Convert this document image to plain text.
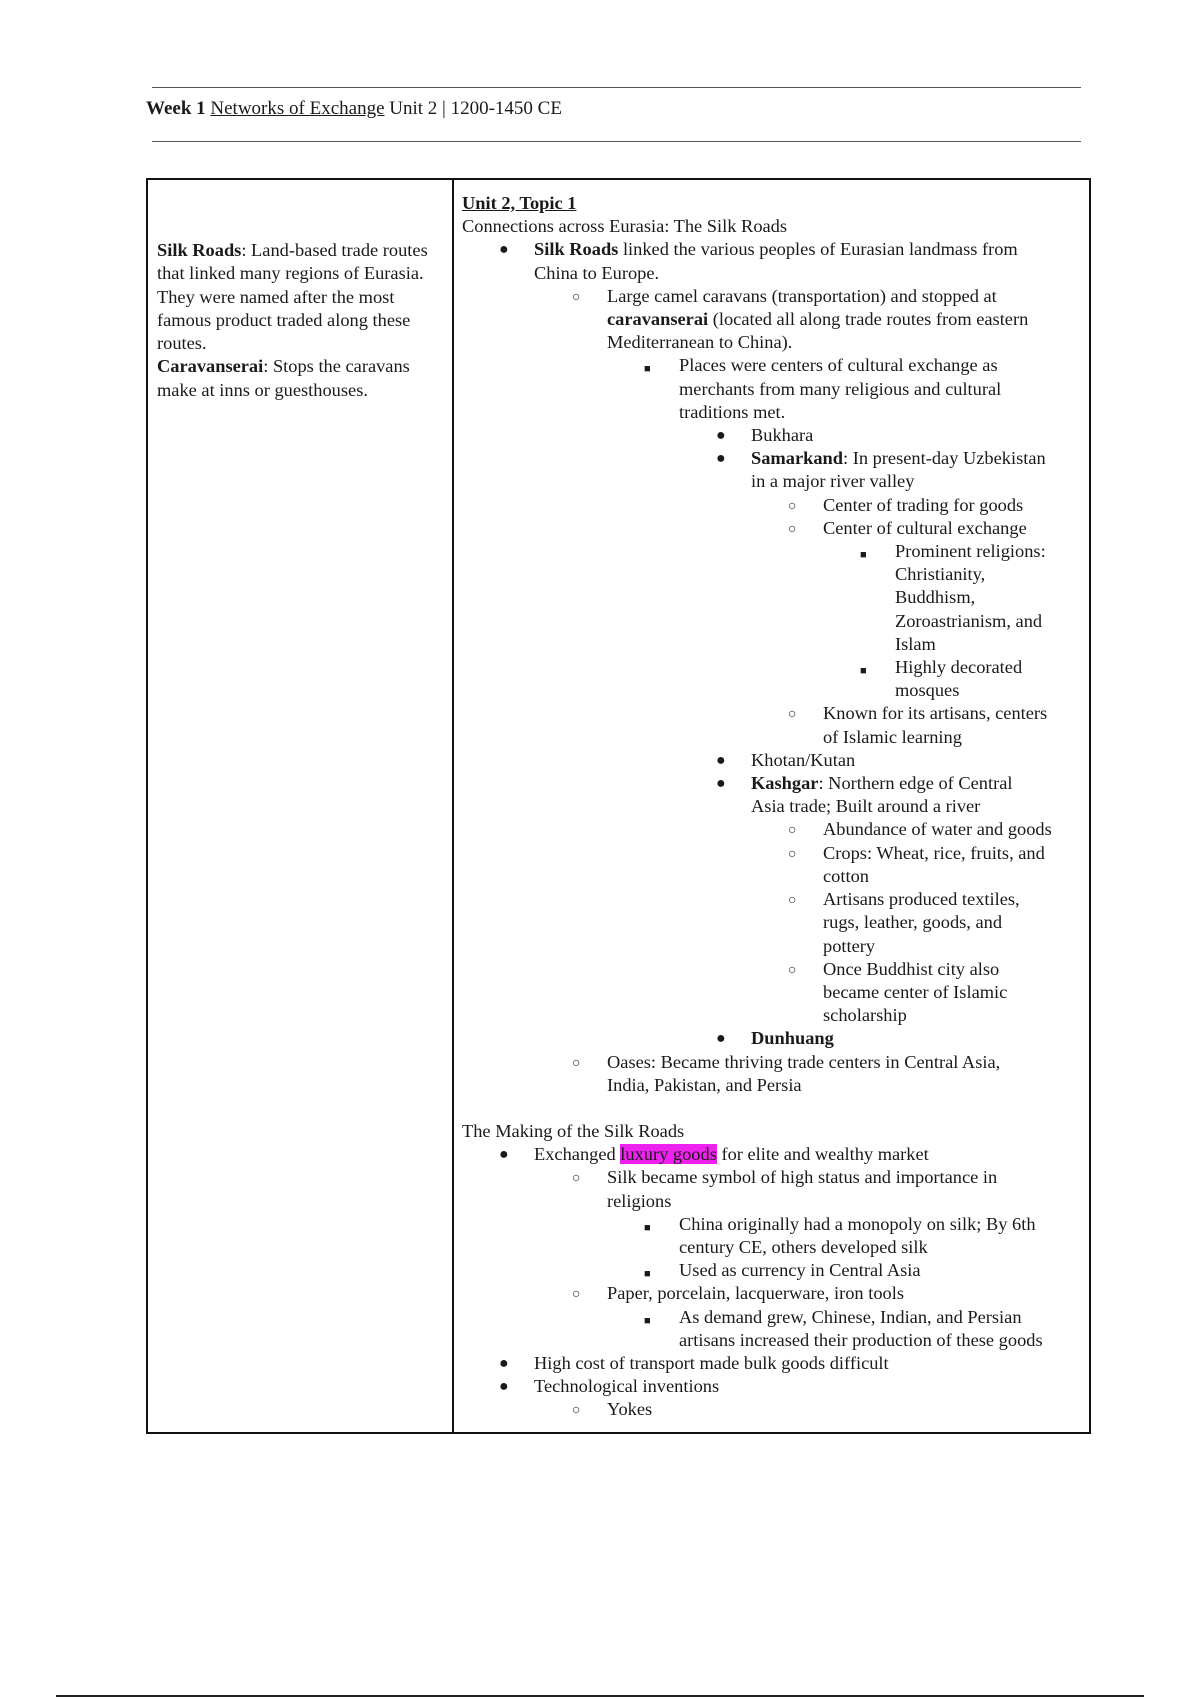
Week 1 Networks of Exchange Unit 2 | 1200-1450 CE
Silk Roads: Land-based trade routes that linked many regions of Eurasia. They were named after the most famous product traded along these routes.
Caravanserai: Stops the caravans make at inns or guesthouses.
Unit 2, Topic 1
Connections across Eurasia: The Silk Roads
● Silk Roads linked the various peoples of Eurasian landmass from
China to Europe.
○ Large camel caravans (transportation) and stopped at
caravanserai (located all along trade routes from eastern
Mediterranean to China).
■ Places were centers of cultural exchange as
merchants from many religious and cultural
traditions met.
● Bukhara
● Samarkand: In present-day Uzbekistan
in a major river valley
○ Center of trading for goods
○ Center of cultural exchange
■ Prominent religions:
Christianity,
Buddhism,
Zoroastrianism, and
Islam
■ Highly decorated
mosques
○ Known for its artisans, centers
of Islamic learning
● Khotan/Kutan
● Kashgar: Northern edge of Central
Asia trade; Built around a river
○ Abundance of water and goods
○ Crops: Wheat, rice, fruits, and
cotton
○ Artisans produced textiles,
rugs, leather, goods, and
pottery
○ Once Buddhist city also
became center of Islamic
scholarship
● Dunhuang
○ Oases: Became thriving trade centers in Central Asia,
India, Pakistan, and Persia
The Making of the Silk Roads
● Exchanged luxury goods for elite and wealthy market
○ Silk became symbol of high status and importance in
religions
■ China originally had a monopoly on silk; By 6th
century CE, others developed silk
■ Used as currency in Central Asia
○ Paper, porcelain, lacquerware, iron tools
■ As demand grew, Chinese, Indian, and Persian
artisans increased their production of these goods
● High cost of transport made bulk goods difficult
● Technological inventions
○ Yokes
